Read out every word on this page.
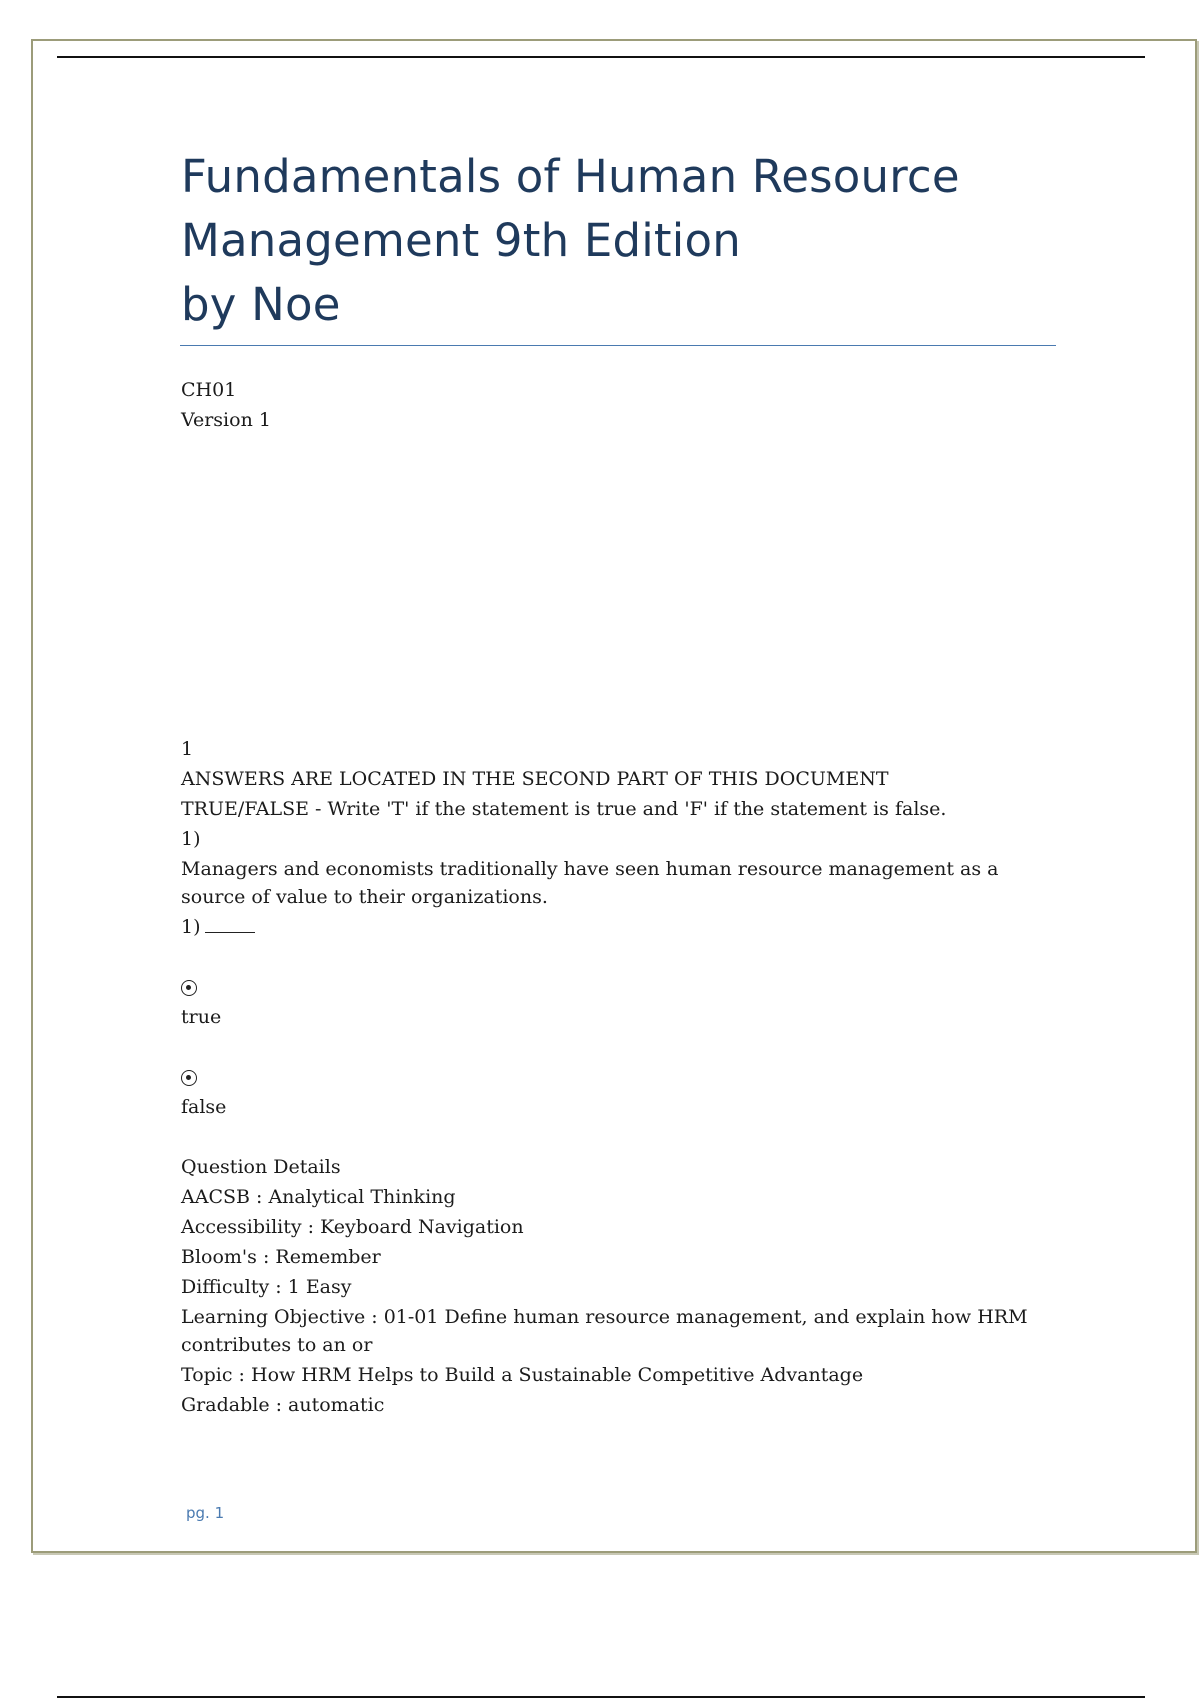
Fundamentals of Human Resource
Management 9th Edition
by Noe
CH01
Version 1
1
ANSWERS ARE LOCATED IN THE SECOND PART OF THIS DOCUMENT
TRUE/FALSE - Write 'T' if the statement is true and 'F' if the statement is false.
1)
Managers and economists traditionally have seen human resource management as a
source of value to their organizations.
1)
true
false
Question Details
AACSB : Analytical Thinking
Accessibility : Keyboard Navigation
Bloom's : Remember
Difficulty : 1 Easy
Learning Objective : 01-01 Define human resource management, and explain how HRM
contributes to an or
Topic : How HRM Helps to Build a Sustainable Competitive Advantage
Gradable : automatic
pg. 1
